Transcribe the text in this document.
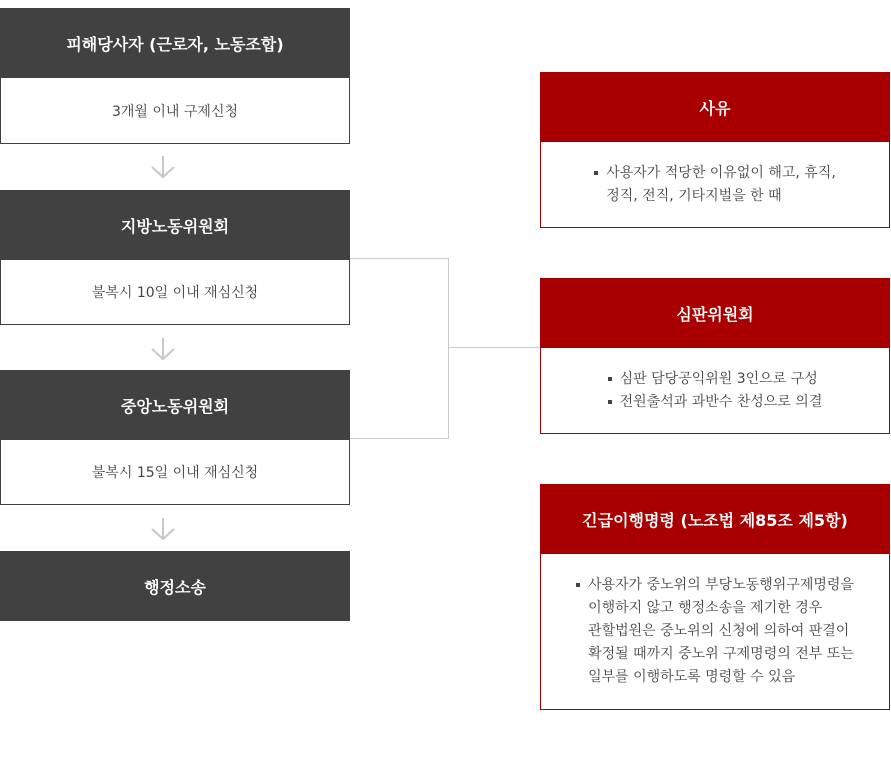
피해당사자 (근로자, 노동조합)
3개월 이내 구제신청
지방노동위원회
불복시 10일 이내 재심신청
중앙노동위원회
불복시 15일 이내 재심신청
행정소송
사유
사용자가 적당한 이유없이 해고, 휴직,
정직, 전직, 기타지벌을 한 때
심판위원회
심판 담당공익위원 3인으로 구성
전원출석과 과반수 찬성으로 의결
긴급이행명령 (노조법 제85조 제5항)
사용자가 중노위의 부당노동행위구제명령을
이행하지 않고 행정소송을 제기한 경우
관할법원은 중노위의 신청에 의하여 판결이
확정될 때까지 중노위 구제명령의 전부 또는
일부를 이행하도록 명령할 수 있음
